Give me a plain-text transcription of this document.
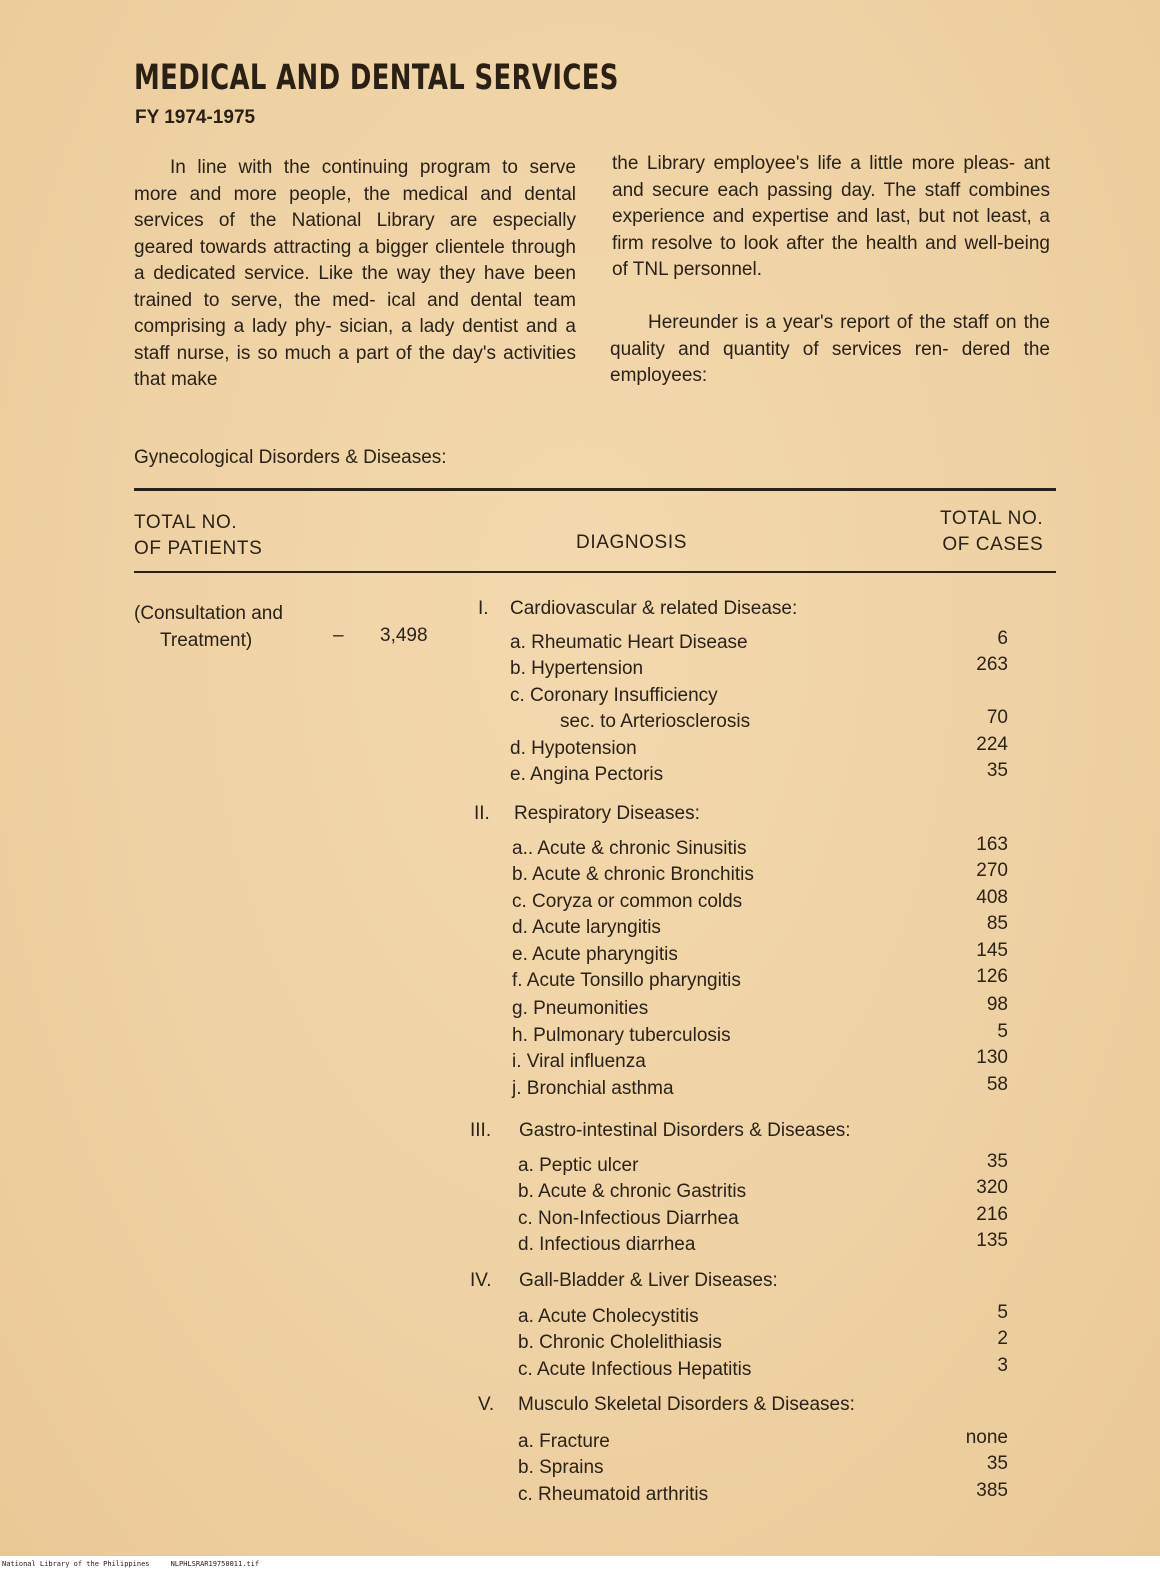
MEDICAL AND DENTAL SERVICES
FY 1974-1975
In line with the continuing program to serve more and more people, the medical and dental services of the National Library are especially geared towards attracting a bigger clientele through a dedicated service. Like the way they have been trained to serve, the med- ical and dental team comprising a lady phy- sician, a lady dentist and a staff nurse, is so much a part of the day's activities that make
the Library employee's life a little more pleas- ant and secure each passing day. The staff combines experience and expertise and last, but not least, a firm resolve to look after the health and well-being of TNL personnel.
Hereunder is a year's report of the staff on the quality and quantity of services ren- dered the employees:
Gynecological Disorders & Diseases:
TOTAL NO.
OF PATIENTS	DIAGNOSIS
TOTAL NO.
OF CASES
(Consultation and
Treatment)	– 3,498
I. Cardiovascular & related Disease:
a. Rheumatic Heart Disease	6
b. Hypertension	263
c. Coronary Insufficiency
sec. to Arteriosclerosis	70
d. Hypotension	224
e. Angina Pectoris	35
II. Respiratory Diseases:
a.. Acute & chronic Sinusitis	163
b. Acute & chronic Bronchitis	270
c. Coryza or common colds	408
d. Acute laryngitis	85
e. Acute pharyngitis	145
f. Acute Tonsillo pharyngitis	126
g. Pneumonities	98
h. Pulmonary tuberculosis	5
i. Viral influenza	130
j. Bronchial asthma	58
III. Gastro-intestinal Disorders & Diseases:
a. Peptic ulcer	35
b. Acute & chronic Gastritis	320
c. Non-Infectious Diarrhea	216
d. Infectious diarrhea	135
IV. Gall-Bladder & Liver Diseases:
a. Acute Cholecystitis	5
b. Chronic Cholelithiasis	2
c. Acute Infectious Hepatitis	3
V. Musculo Skeletal Disorders & Diseases:
a. Fracture	none
b. Sprains	35
c. Rheumatoid arthritis	385
National Library of the Philippines     NLPHLSRAR19750011.tif
